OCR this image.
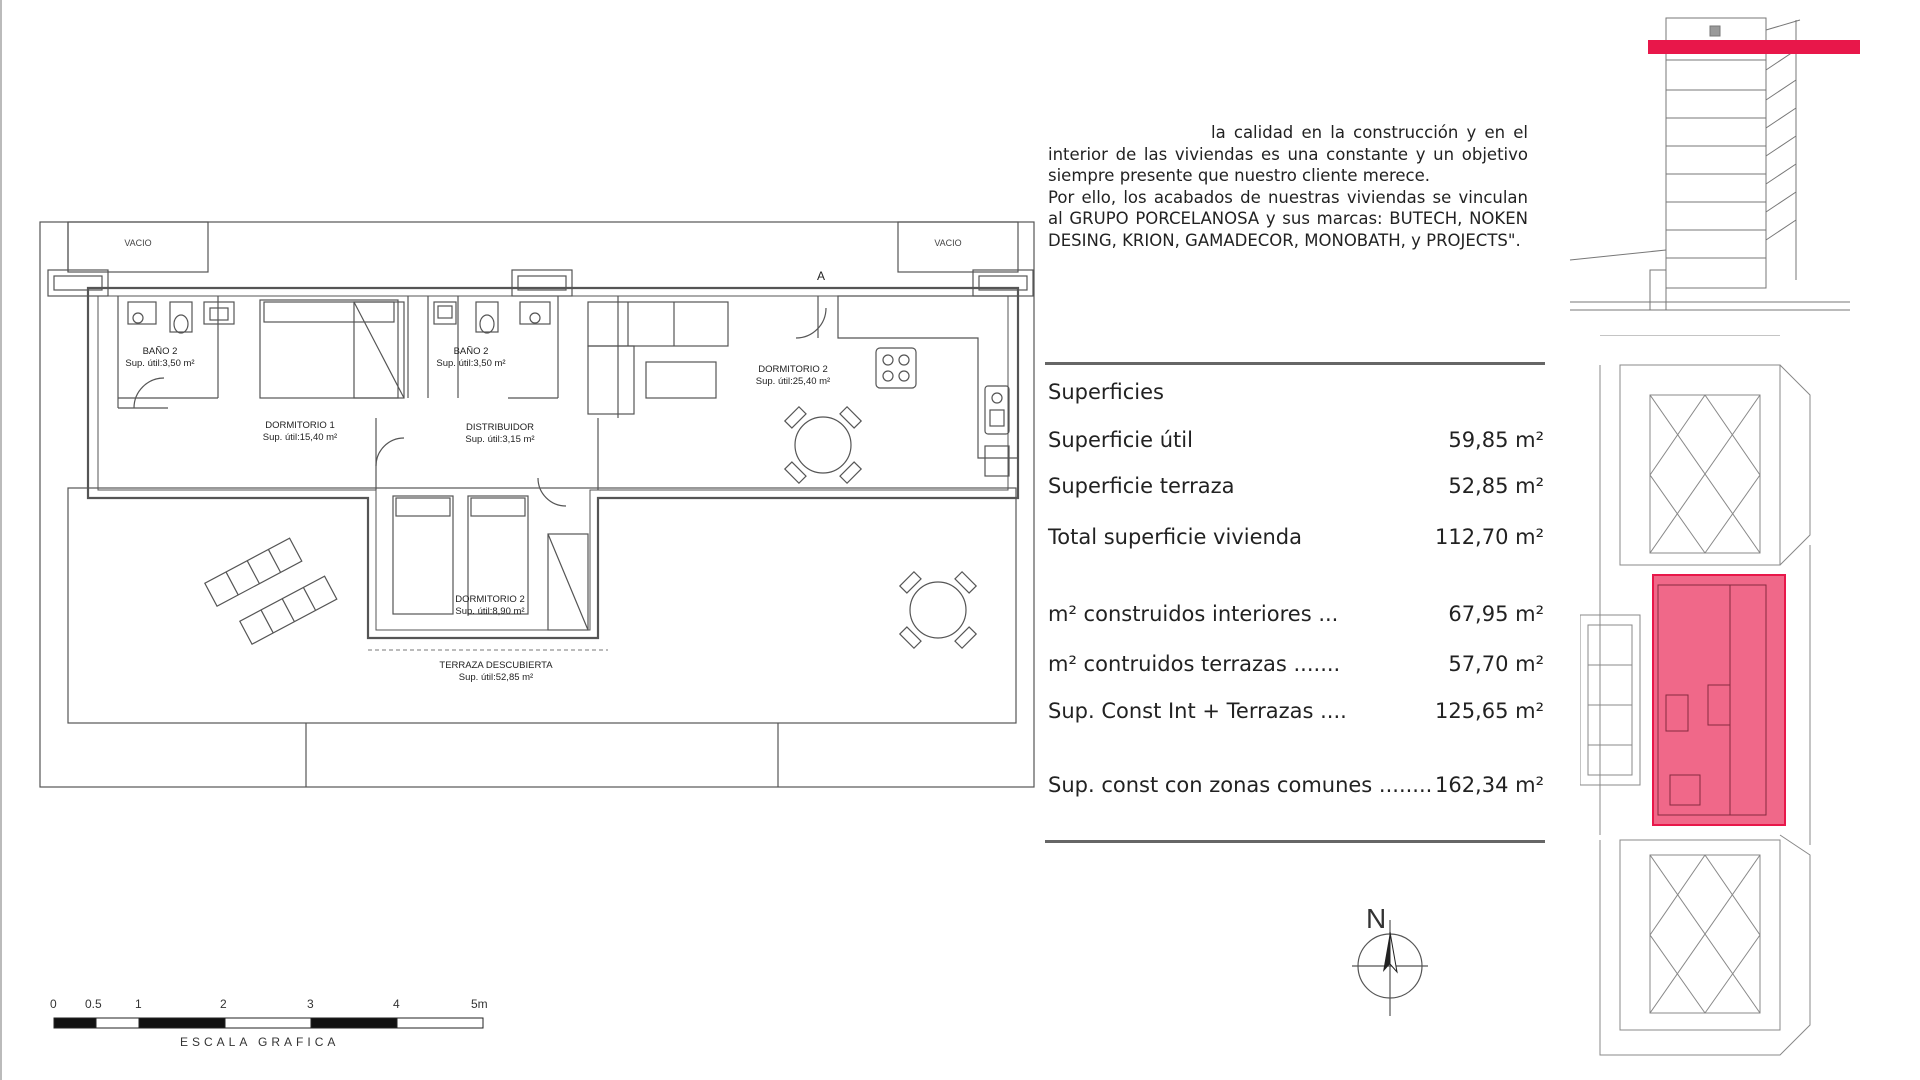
VACIO	VACIO
A
BAÑO 2
Sup. útil:3,50 m²
BAÑO 2
Sup. útil:3,50 m²
DORMITORIO 1
Sup. útil:15,40 m²
DISTRIBUIDOR
Sup. útil:3,15 m²
DORMITORIO 2
Sup. útil:25,40 m²
DORMITORIO 2
Sup. útil:8,90 m²
TERRAZA DESCUBIERTA
Sup. útil:52,85 m²
0 0.5	1	2	3	4	5m
ESCALA GRAFICA

la calidad en la construcción y en el interior de las viviendas es una constante y un objetivo siempre presente que nuestro cliente merece.

Por ello, los acabados de nuestras viviendas se vinculan al GRUPO PORCELANOSA y sus marcas: BUTECH, NOKEN DESING, KRION, GAMADECOR, MONOBATH, y PROJECTS".

Superficies
Superficie útil	59,85 m²
Superficie terraza	52,85 m²
Total superficie vivienda	112,70 m²
m² construidos interiores ...	67,95 m²
m² contruidos terrazas .......	57,70 m²
Sup. Const Int + Terrazas ....	125,65 m²
Sup. const con zonas comunes ........ 162,34 m²
N
